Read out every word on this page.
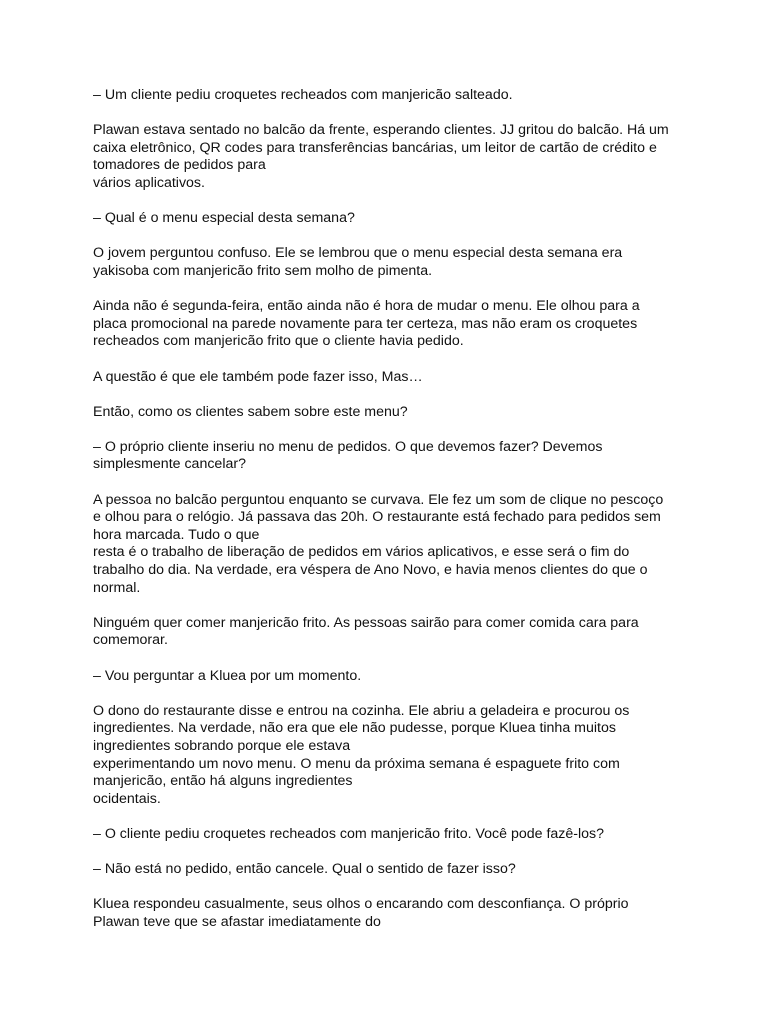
– Um cliente pediu croquetes recheados com manjericão salteado.

Plawan estava sentado no balcão da frente, esperando clientes. JJ gritou do balcão. Há um
caixa eletrônico, QR codes para transferências bancárias, um leitor de cartão de crédito e
tomadores de pedidos para
vários aplicativos.

– Qual é o menu especial desta semana?

O jovem perguntou confuso. Ele se lembrou que o menu especial desta semana era
yakisoba com manjericão frito sem molho de pimenta.

Ainda não é segunda-feira, então ainda não é hora de mudar o menu. Ele olhou para a
placa promocional na parede novamente para ter certeza, mas não eram os croquetes
recheados com manjericão frito que o cliente havia pedido.

A questão é que ele também pode fazer isso, Mas…

Então, como os clientes sabem sobre este menu?

– O próprio cliente inseriu no menu de pedidos. O que devemos fazer? Devemos
simplesmente cancelar?

A pessoa no balcão perguntou enquanto se curvava. Ele fez um som de clique no pescoço
e olhou para o relógio. Já passava das 20h. O restaurante está fechado para pedidos sem
hora marcada. Tudo o que
resta é o trabalho de liberação de pedidos em vários aplicativos, e esse será o fim do
trabalho do dia. Na verdade, era véspera de Ano Novo, e havia menos clientes do que o
normal.

Ninguém quer comer manjericão frito. As pessoas sairão para comer comida cara para
comemorar.

– Vou perguntar a Kluea por um momento.

O dono do restaurante disse e entrou na cozinha. Ele abriu a geladeira e procurou os
ingredientes. Na verdade, não era que ele não pudesse, porque Kluea tinha muitos
ingredientes sobrando porque ele estava
experimentando um novo menu. O menu da próxima semana é espaguete frito com
manjericão, então há alguns ingredientes
ocidentais.

– O cliente pediu croquetes recheados com manjericão frito. Você pode fazê-los?

– Não está no pedido, então cancele. Qual o sentido de fazer isso?

Kluea respondeu casualmente, seus olhos o encarando com desconfiança. O próprio
Plawan teve que se afastar imediatamente do
